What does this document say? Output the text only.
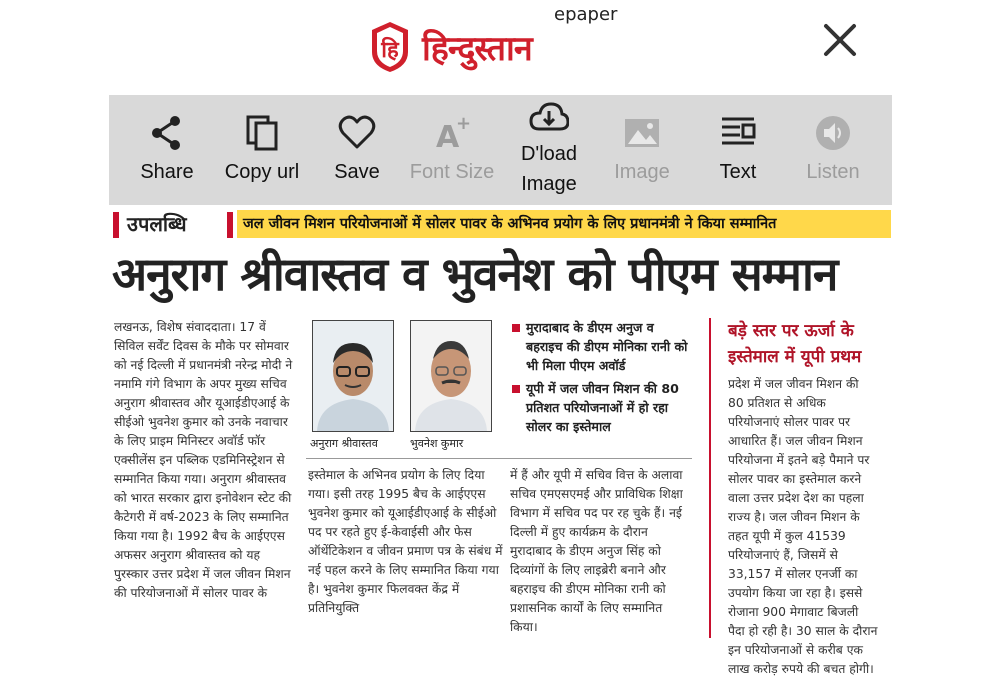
हि हिन्दुस्तान
epaper
Share	Copy url	Save
A
+
Font Size
D'load Image
Image	Text	Listen
उपलब्धि	जल जीवन मिशन परियोजनाओं में सोलर पावर के अभिनव प्रयोग के लिए प्रधानमंत्री ने किया सम्मानित
अनुराग श्रीवास्तव व भुवनेश को पीएम सम्मान
लखनऊ, विशेष संवाददाता। 17 वें सिविल सर्वेंट दिवस के मौके पर सोमवार को नई दिल्ली में प्रधानमंत्री नरेन्द्र मोदी ने नमामि गंगे विभाग के अपर मुख्य सचिव अनुराग श्रीवास्तव और यूआईडीएआई के सीईओ भुवनेश कुमार को उनके नवाचार के लिए प्राइम मिनिस्टर अवॉर्ड फॉर एक्सीलेंस इन पब्लिक एडमिनिस्ट्रेशन से सम्मानित किया गया। अनुराग श्रीवास्तव को भारत सरकार द्वारा इनोवेशन स्टेट की कैटेगरी में वर्ष-2023 के लिए सम्मानित किया गया है। 1992 बैच के आईएएस अफसर अनुराग श्रीवास्तव को यह पुरस्कार उत्तर प्रदेश में जल जीवन मिशन की परियोजनाओं में सोलर पावर के
अनुराग श्रीवास्तव	भुवनेश कुमार
मुरादाबाद के डीएम अनुज व बहराइच की डीएम मोनिका रानी को भी मिला पीएम अवॉर्ड
यूपी में जल जीवन मिशन की 80 प्रतिशत परियोजनाओं में हो रहा सोलर का इस्तेमाल
इस्तेमाल के अभिनव प्रयोग के लिए दिया गया। इसी तरह 1995 बैच के आईएएस भुवनेश कुमार को यूआईडीएआई के सीईओ पद पर रहते हुए ई-केवाईसी और फेस ऑथेंटिकेशन व जीवन प्रमाण पत्र के संबंध में नई पहल करने के लिए सम्मानित किया गया है। भुवनेश कुमार फिलवक्त केंद्र में प्रतिनियुक्ति
में हैं और यूपी में सचिव वित्त के अलावा सचिव एमएसएमई और प्राविधिक शिक्षा विभाग में सचिव पद पर रह चुके हैं। नई दिल्ली में हुए कार्यक्रम के दौरान मुरादाबाद के डीएम अनुज सिंह को दिव्यांगों के लिए लाइब्रेरी बनाने और बहराइच की डीएम मोनिका रानी को प्रशासनिक कार्यों के लिए सम्मानित किया।
बड़े स्तर पर ऊर्जा के इस्तेमाल में यूपी प्रथम
प्रदेश में जल जीवन मिशन की 80 प्रतिशत से अधिक परियोजनाएं सोलर पावर पर आधारित हैं। जल जीवन मिशन परियोजना में इतने बड़े पैमाने पर सोलर पावर का इस्तेमाल करने वाला उत्तर प्रदेश देश का पहला राज्य है। जल जीवन मिशन के तहत यूपी में कुल 41539 परियोजनाएं हैं, जिसमें से 33,157 में सोलर एनर्जी का उपयोग किया जा रहा है। इससे रोजाना 900 मेगावाट बिजली पैदा हो रही है। 30 साल के दौरान इन परियोजनाओं से करीब एक लाख करोड़ रुपये की बचत होगी।
